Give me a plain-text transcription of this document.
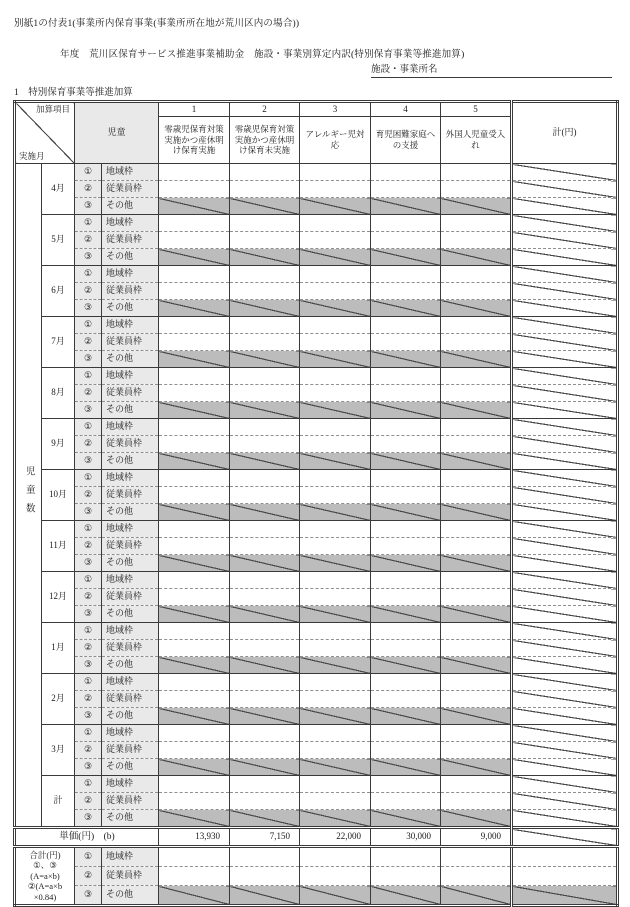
別紙1の付表1(事業所内保育事業(事業所所在地が荒川区内の場合))
年度　荒川区保育サービス推進事業補助金　施設・事業別算定内訳(特別保育事業等推進加算)
施設・事業所名
1　特別保育事業等推進加算
加算項目
実施月		児童		1	2	3	4	5	計(円)
				零歳児保育対策実施かつ産休明け保育実施	零歳児保育対策実施かつ産休明け保育未実施	アレルギー児対応	育児困難家庭への支援	外国人児童受入れ	
児童数	4月	①	地域枠						
		②	従業員枠						
		③	その他						
	5月	①	地域枠						
		②	従業員枠						
		③	その他						
	6月	①	地域枠						
		②	従業員枠						
		③	その他						
	7月	①	地域枠						
		②	従業員枠						
		③	その他						
	8月	①	地域枠						
		②	従業員枠						
		③	その他						
	9月	①	地域枠						
		②	従業員枠						
		③	その他						
	10月	①	地域枠						
		②	従業員枠						
		③	その他						
	11月	①	地域枠						
		②	従業員枠						
		③	その他						
	12月	①	地域枠						
		②	従業員枠						
		③	その他						
	1月	①	地域枠						
		②	従業員枠						
		③	その他						
	2月	①	地域枠						
		②	従業員枠						
		③	その他						
	3月	①	地域枠						
		②	従業員枠						
		③	その他						
	計	①	地域枠						
		②	従業員枠						
		③	その他						
単価(円)　(b)				13,930	7,150	22,000	30,000	9,000	
合計(円)
①、③
(A=a×b)
②(A=a×b
×0.84)		①	地域枠						
		②	従業員枠						
		③	その他						
